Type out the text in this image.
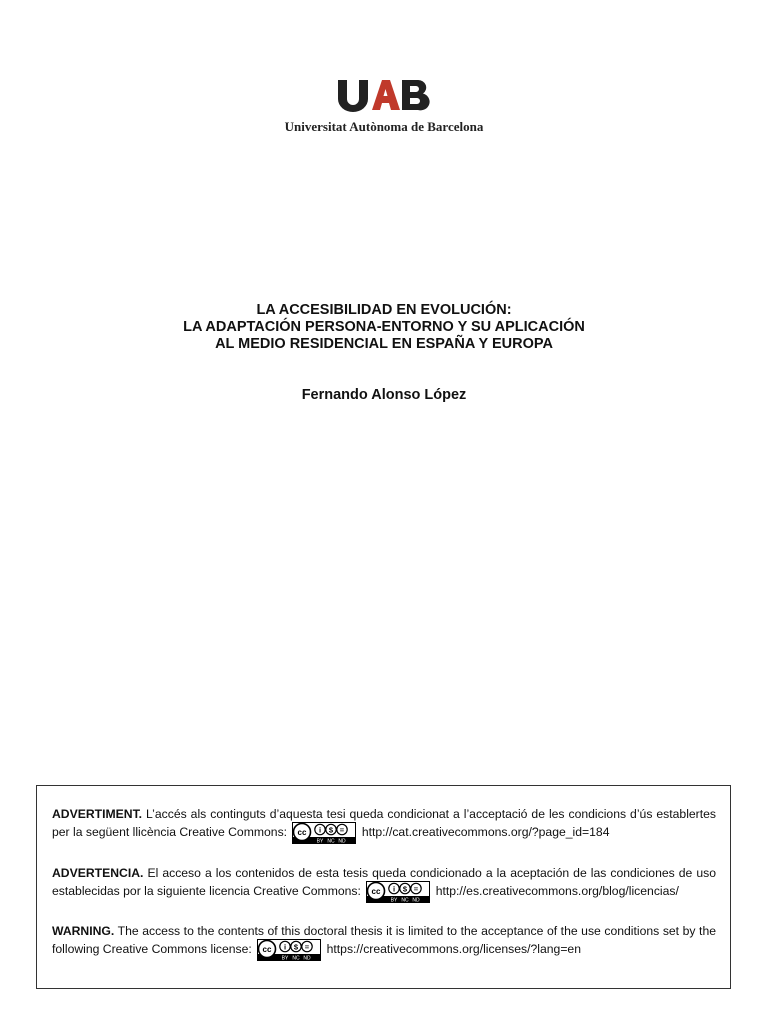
Universitat Autònoma de Barcelona
LA ACCESIBILIDAD EN EVOLUCIÓN:
LA ADAPTACIÓN PERSONA-ENTORNO Y SU APLICACIÓN
AL MEDIO RESIDENCIAL EN ESPAÑA Y EUROPA
Fernando Alonso López
ADVERTIMENT. L’accés als continguts d’aquesta tesi queda condicionat a l’acceptació de les condicions d’ús establertes per la següent llicència Creative Commons: cc i
BY
$
NC
=
ND
http://cat.creativecommons.org/?page_id=184
ADVERTENCIA. El acceso a los contenidos de esta tesis queda condicionado a la aceptación de las condiciones de uso establecidas por la siguiente licencia Creative Commons: cc i
BY
$
NC
=
ND
http://es.creativecommons.org/blog/licencias/
WARNING. The access to the contents of this doctoral thesis it is limited to the acceptance of the use conditions set by the following Creative Commons license: cc i
BY
$
NC
=
ND
https://creativecommons.org/licenses/?lang=en
